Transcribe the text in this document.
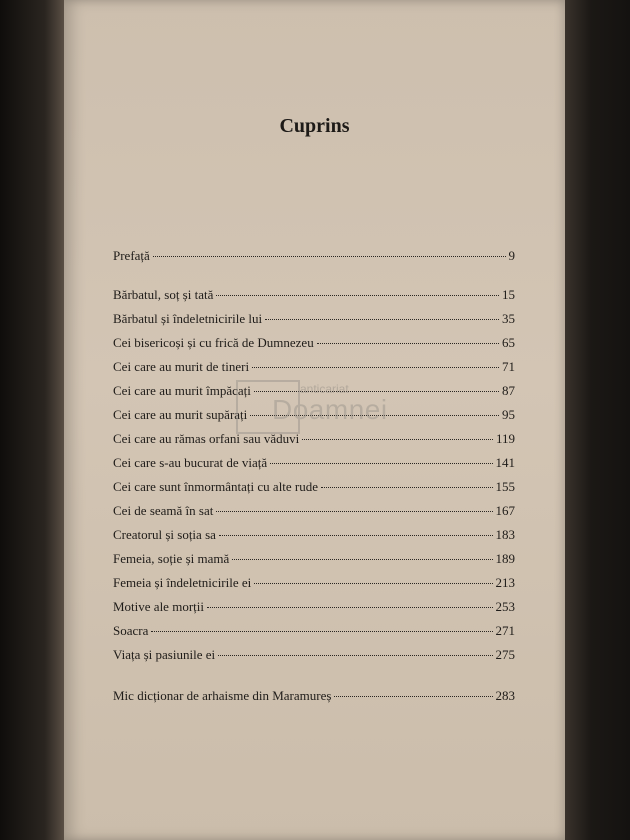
Cuprins
Prefață	9
Bărbatul, soț și tată	15
Bărbatul și îndeletnicirile lui	35
Cei bisericoși și cu frică de Dumnezeu	65
Cei care au murit de tineri	71
Cei care au murit împăcați	87
Cei care au murit supărați	95
Cei care au rămas orfani sau văduvi	119
Cei care s-au bucurat de viață	141
Cei care sunt înmormântați cu alte rude	155
Cei de seamă în sat	167
Creatorul și soția sa	183
Femeia, soție și mamă	189
Femeia și îndeletnicirile ei	213
Motive ale morții	253
Soacra	271
Viața și pasiunile ei	275
Mic dicționar de arhaisme din Maramureș	283
anticariat
Doamnei
